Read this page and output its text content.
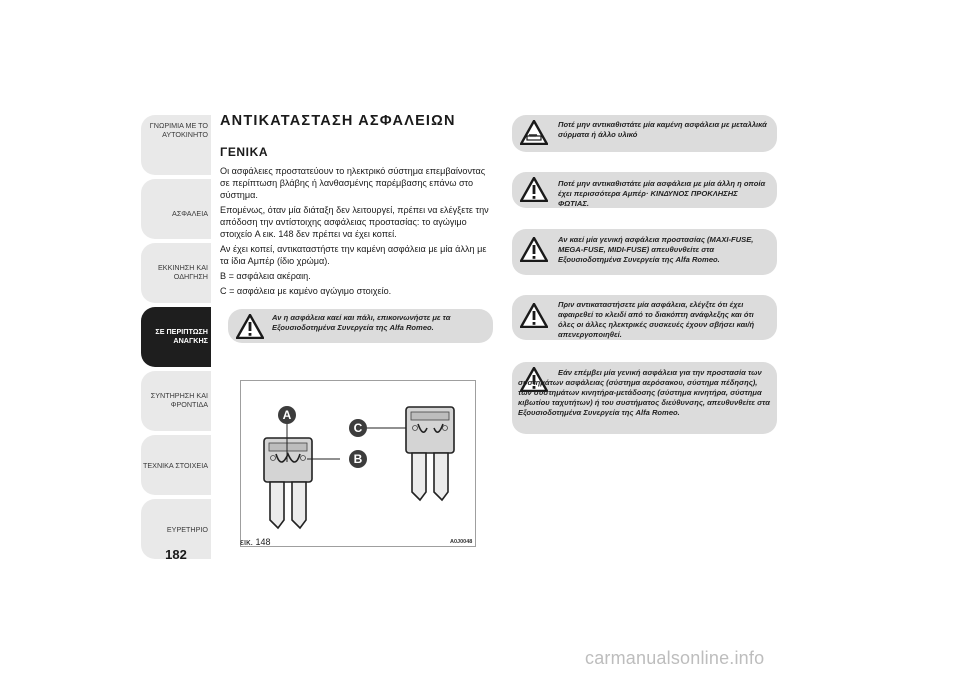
ΓΝΩΡΙΜΙΑ ΜΕ ΤΟ
ΑΥΤΟΚΙΝΗΤΟ
ΑΣΦΑΛΕΙΑ
ΕΚΚΙΝΗΣΗ ΚΑΙ
ΟΔΗΓΗΣΗ
ΣΕ ΠΕΡΙΠΤΩΣΗ
ΑΝΑΓΚΗΣ
ΣΥΝΤΗΡΗΣΗ ΚΑΙ
ΦΡΟΝΤΙΔΑ
ΤΕΧΝΙΚΑ ΣΤΟΙΧΕΙΑ
ΕΥΡΕΤΗΡΙΟ
182
ΑΝΤΙΚΑΤΑΣΤΑΣΗ ΑΣΦΑΛΕΙΩΝ
ΓΕΝΙΚΑ

Οι ασφάλειες προστατεύουν το ηλεκτρικό σύστημα επεμβαίνοντας σε περίπτωση βλάβης ή λανθασμένης παρέμβασης επάνω στο σύστημα.

Επομένως, όταν μία διάταξη δεν λειτουργεί, πρέπει να ελέγξετε την απόδοση την αντίστοιχης ασφάλειας προστασίας: το αγώγιμο στοιχείο A εικ. 148 δεν πρέπει να έχει κοπεί.

Αν έχει κοπεί, αντικαταστήστε την καμένη ασφάλεια με μία άλλη με τα ίδια Αμπέρ (ίδιο χρώμα).

B = ασφάλεια ακέραιη.

C = ασφάλεια με καμένο αγώγιμο στοιχείο.

Αν η ασφάλεια καεί και πάλι, επικοινωνήστε με τα Εξουσιοδοτημένα Συνεργεία της Alfa Romeo.
Ποτέ μην αντικαθιστάτε μία καμένη ασφάλεια με μεταλλικά σύρματα ή άλλο υλικό
Ποτέ μην αντικαθιστάτε μία ασφάλεια με μία άλλη η οποία έχει περισσότερα Αμπέρ· ΚΙΝΔΥΝΟΣ ΠΡΟΚΛΗΣΗΣ ΦΩΤΙΑΣ.
Αν καεί μία γενική ασφάλεια προστασίας (MAXI-FUSE, MEGA-FUSE, MIDI-FUSE) απευθυνθείτε στα Εξουσιοδοτημένα Συνεργεία της Alfa Romeo.
Πριν αντικαταστήσετε μία ασφάλεια, ελέγξτε ότι έχει αφαιρεθεί το κλειδί από το διακόπτη ανάφλεξης και ότι όλες οι άλλες ηλεκτρικές συσκευές έχουν σβήσει και/ή απενεργοποιηθεί.
Εάν επέμβει μία γενική ασφάλεια για την προστασία των συστημάτων ασφάλειας (σύστημα αερόσακου, σύστημα πέδησης), των συστημάτων κινητήρα-μετάδοσης (σύστημα κινητήρα, σύστημα κιβωτίου ταχυτήτων) ή του συστήματος διεύθυνσης, απευθυνθείτε στα Εξουσιοδοτημένα Συνεργεία της Alfa Romeo.
A
B
C
εικ. 148	A0J0048
carmanualsonline.info
